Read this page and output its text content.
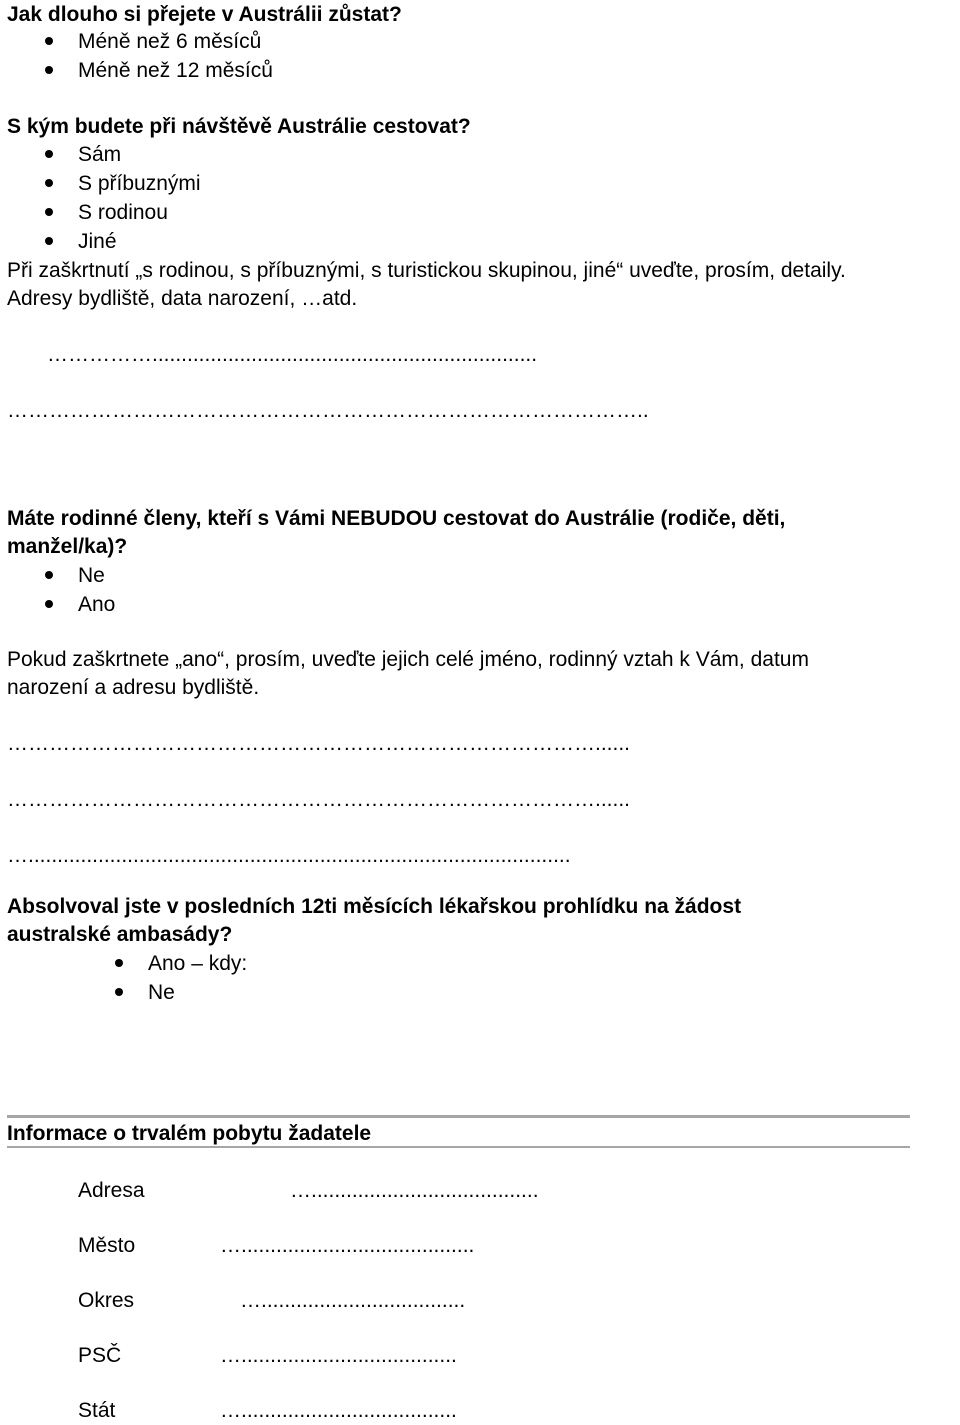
Jak dlouho si přejete v Austrálii zůstat?
Méně než 6 měsíců
Méně než 12 měsíců
S kým budete při návštěvě Austrálie cestovat?
Sám
S příbuznými
S rodinou
Jiné
Při zaškrtnutí „s rodinou, s příbuznými, s turistickou skupinou, jiné“ uveďte, prosím, detaily.
Adresy bydliště, data narození, …atd.
……………..................................................................
………………………………………………………………………………..
Máte rodinné členy, kteří s Vámi NEBUDOU cestovat do Austrálie (rodiče, děti,
manžel/ka)?
Ne
Ano
Pokud zaškrtnete „ano“, prosím, uveďte jejich celé jméno, rodinný vztah k Vám, datum
narození a adresu bydliště.
…………………………………………………………………………......
…………………………………………………………………………......
….............................................................................................
Absolvoval jste v posledních 12ti měsících lékařskou prohlídku na žádost
australské ambasády?
Ano – kdy:
Ne
Informace o trvalém pobytu žadatele
Adresa	….......................................
Město	…........................................
Okres	…...................................
PSČ	….....................................
Stát	….....................................
